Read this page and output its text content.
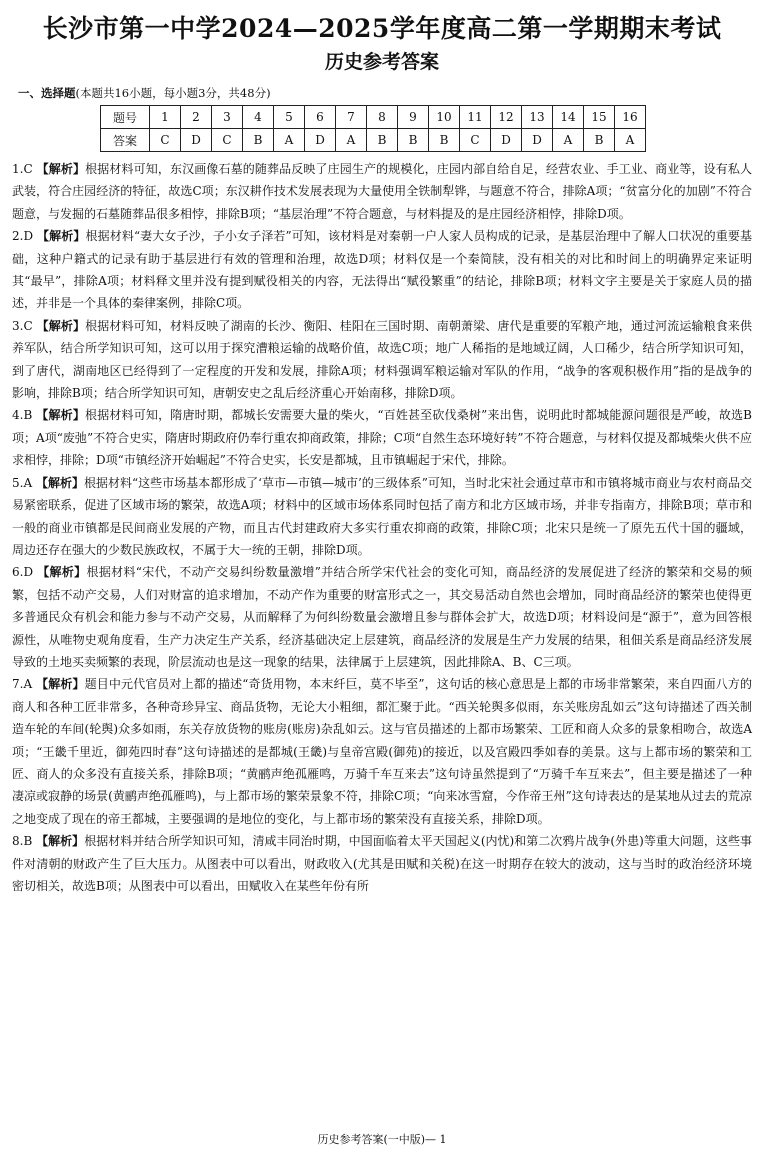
长沙市第一中学2024—2025学年度高二第一学期期末考试
历史参考答案
一、选择题(本题共16小题，每小题3分，共48分)
题号	1	2	3	4	5	6	7	8	9	10	11	12	13	14	15	16
答案	C	D	C	B	A	D	A	B	B	B	C	D	D	A	B	A

1.C 【解析】根据材料可知，东汉画像石墓的随葬品反映了庄园生产的规模化，庄园内部自给自足，经营农业、手工业、商业等，设有私人武装，符合庄园经济的特征，故选C项；东汉耕作技术发展表现为大量使用全铁制犁铧，与题意不符合，排除A项；“贫富分化的加剧”不符合题意，与发掘的石墓随葬品很多相悖，排除B项；“基层治理”不符合题意，与材料提及的是庄园经济相悖，排除D项。

2.D 【解析】根据材料“妻大女子沙，子小女子泽若”可知，该材料是对秦朝一户人家人员构成的记录，是基层治理中了解人口状况的重要基础，这种户籍式的记录有助于基层进行有效的管理和治理，故选D项；材料仅是一个秦简牍，没有相关的对比和时间上的明确界定来证明其“最早”，排除A项；材料释文里并没有提到赋役相关的内容，无法得出“赋役繁重”的结论，排除B项；材料文字主要是关于家庭人员的描述，并非是一个具体的秦律案例，排除C项。

3.C 【解析】根据材料可知，材料反映了湖南的长沙、衡阳、桂阳在三国时期、南朝萧梁、唐代是重要的军粮产地，通过河流运输粮食来供养军队，结合所学知识可知，这可以用于探究漕粮运输的战略价值，故选C项；地广人稀指的是地域辽阔，人口稀少，结合所学知识可知，到了唐代，湖南地区已经得到了一定程度的开发和发展，排除A项；材料强调军粮运输对军队的作用，“战争的客观积极作用”指的是战争的影响，排除B项；结合所学知识可知，唐朝安史之乱后经济重心开始南移，排除D项。

4.B 【解析】根据材料可知，隋唐时期，都城长安需要大量的柴火，“百姓甚至砍伐桑树”来出售，说明此时都城能源问题很是严峻，故选B项；A项“废弛”不符合史实，隋唐时期政府仍奉行重农抑商政策，排除；C项“自然生态环境好转”不符合题意，与材料仅提及都城柴火供不应求相悖，排除；D项“市镇经济开始崛起”不符合史实，长安是都城，且市镇崛起于宋代，排除。

5.A 【解析】根据材料“这些市场基本都形成了‘草市—市镇—城市’的三级体系”可知，当时北宋社会通过草市和市镇将城市商业与农村商品交易紧密联系，促进了区域市场的繁荣，故选A项；材料中的区域市场体系同时包括了南方和北方区域市场，并非专指南方，排除B项；草市和一般的商业市镇都是民间商业发展的产物，而且古代封建政府大多实行重农抑商的政策，排除C项；北宋只是统一了原先五代十国的疆域，周边还存在强大的少数民族政权，不属于大一统的王朝，排除D项。

6.D 【解析】根据材料“宋代，不动产交易纠纷数量激增”并结合所学宋代社会的变化可知，商品经济的发展促进了经济的繁荣和交易的频繁，包括不动产交易，人们对财富的追求增加，不动产作为重要的财富形式之一，其交易活动自然也会增加，同时商品经济的繁荣也使得更多普通民众有机会和能力参与不动产交易，从而解释了为何纠纷数量会激增且参与群体会扩大，故选D项；材料设问是“源于”，意为回答根源性，从唯物史观角度看，生产力决定生产关系，经济基础决定上层建筑，商品经济的发展是生产力发展的结果，租佃关系是商品经济发展导致的土地买卖频繁的表现，阶层流动也是这一现象的结果，法律属于上层建筑，因此排除A、B、C三项。

7.A 【解析】题目中元代官员对上都的描述“奇货用物，本末纤巨，莫不毕至”，这句话的核心意思是上都的市场非常繁荣，来自四面八方的商人和各种工匠非常多，各种奇珍异宝、商品货物，无论大小粗细，都汇聚于此。“西关轮舆多似雨，东关账房乱如云”这句诗描述了西关制造车轮的车间(轮舆)众多如雨，东关存放货物的账房(账房)杂乱如云。这与官员描述的上都市场繁荣、工匠和商人众多的景象相吻合，故选A项；“王畿千里近，御苑四时春”这句诗描述的是都城(王畿)与皇帝宫殿(御苑)的接近，以及宫殿四季如春的美景。这与上都市场的繁荣和工匠、商人的众多没有直接关系，排除B项；“黄鹂声绝孤雁鸣，万骑千车互来去”这句诗虽然提到了“万骑千车互来去”，但主要是描述了一种凄凉或寂静的场景(黄鹂声绝孤雁鸣)，与上都市场的繁荣景象不符，排除C项；“向来冰雪窟，今作帝王州”这句诗表达的是某地从过去的荒凉之地变成了现在的帝王都城，主要强调的是地位的变化，与上都市场的繁荣没有直接关系，排除D项。

8.B 【解析】根据材料并结合所学知识可知，清咸丰同治时期，中国面临着太平天国起义(内忧)和第二次鸦片战争(外患)等重大问题，这些事件对清朝的财政产生了巨大压力。从图表中可以看出，财政收入(尤其是田赋和关税)在这一时期存在较大的波动，这与当时的政治经济环境密切相关，故选B项；从图表中可以看出，田赋收入在某些年份有所

历史参考答案(一中版)— 1
